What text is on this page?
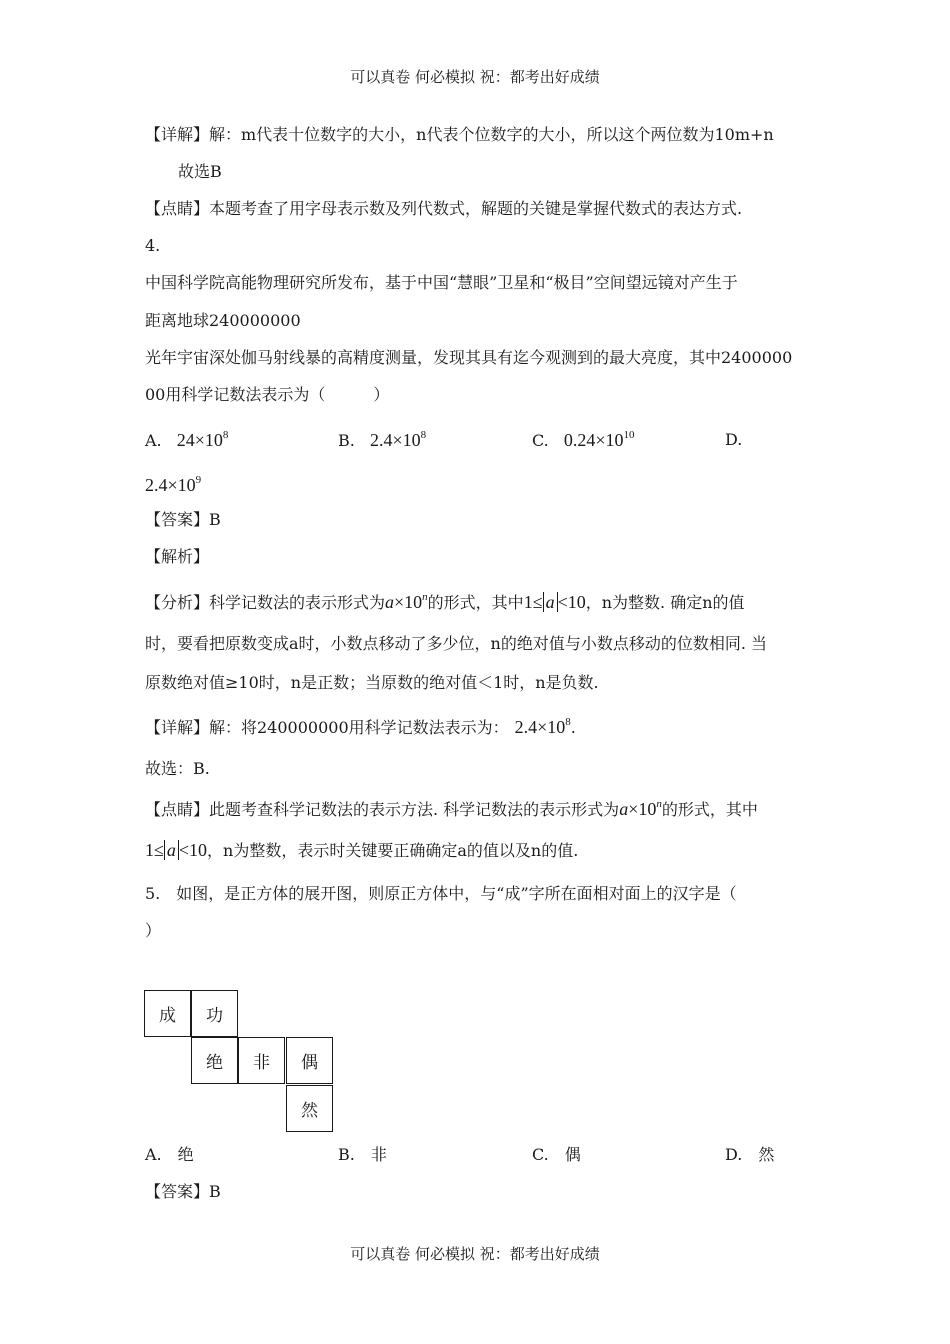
可以真卷 何必模拟 祝：都考出好成绩
【详解】解：m代表十位数字的大小，n代表个位数字的大小，所以这个两位数为10m+n
故选B
【点睛】本题考查了用字母表示数及列代数式，解题的关键是掌握代数式的表达方式.
4.
中国科学院高能物理研究所发布，基于中国“慧眼”卫星和“极目”空间望远镜对产生于
距离地球240000000
光年宇宙深处伽马射线暴的高精度测量，发现其具有迄今观测到的最大亮度，其中2400000
00用科学记数法表示为（　　　）
A. $24\times 10^8$	B. $2.4\times 10^8$	C. $0.24\times 10^{10}$	D.
$2.4\times 10^9$
【答案】B
【解析】
【分析】科学记数法的表示形式为$a\times 10^n$的形式，其中1≤ a <10，n为整数. 确定n的值
时，要看把原数变成a时，小数点移动了多少位，n的绝对值与小数点移动的位数相同. 当
原数绝对值≥10时，n是正数；当原数的绝对值＜1时，n是负数.
【详解】解：将240000000用科学记数法表示为： $2.4\times 10^8$.
故选：B.
【点睛】此题考查科学记数法的表示方法. 科学记数法的表示形式为$a\times 10^n$的形式，其中
1≤ a <10，n为整数，表示时关键要正确确定a的值以及n的值.
5.　如图，是正方体的展开图，则原正方体中，与“成”字所在面相对面上的汉字是（
）
成	功
绝	非	偶
然
A.　绝	B.　非	C.　偶	D.　然
【答案】B
可以真卷 何必模拟 祝：都考出好成绩
